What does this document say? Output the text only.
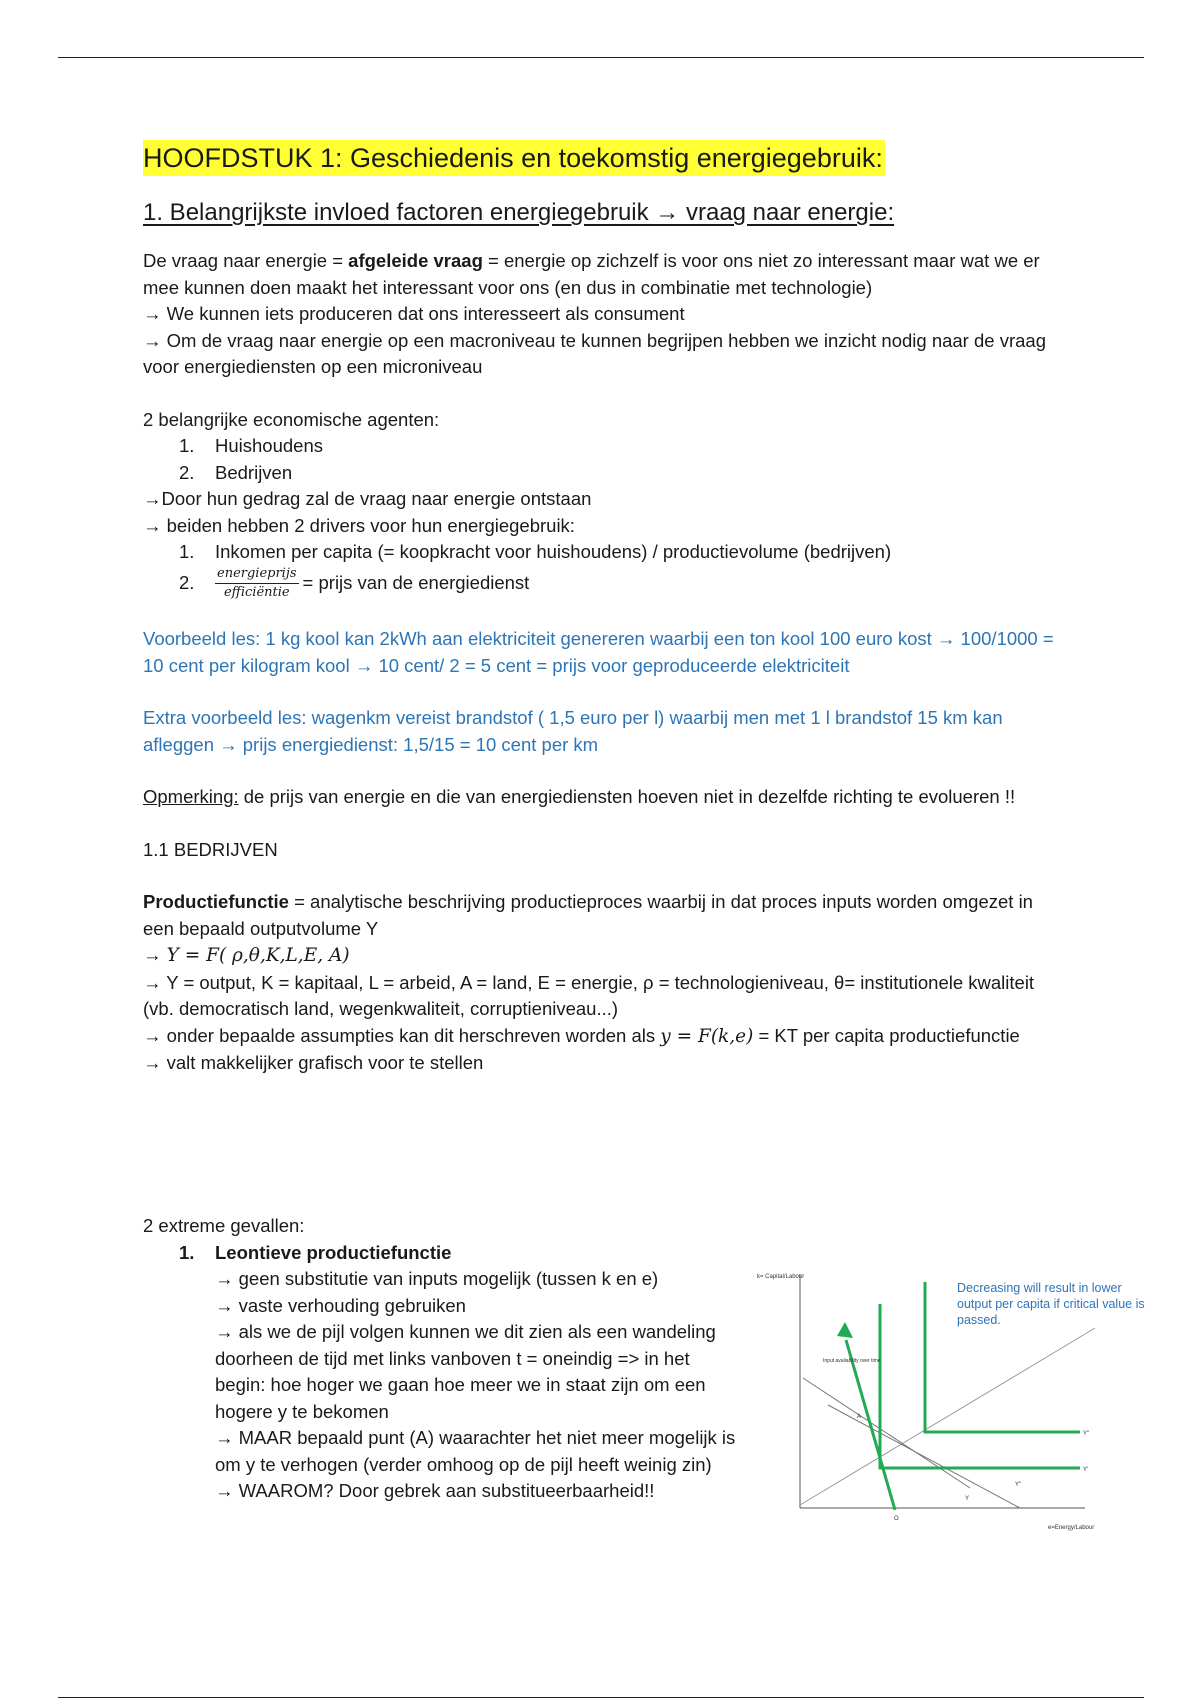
HOOFDSTUK 1: Geschiedenis en toekomstig energiegebruik:
1. Belangrijkste invloed factoren energiegebruik → vraag naar energie:

De vraag naar energie = afgeleide vraag = energie op zichzelf is voor ons niet zo interessant maar wat we er mee kunnen doen maakt het interessant voor ons (en dus in combinatie met technologie)

→ We kunnen iets produceren dat ons interesseert als consument

→ Om de vraag naar energie op een macroniveau te kunnen begrijpen hebben we inzicht nodig naar de vraag voor energiediensten op een microniveau

2 belangrijke economische agenten:

1. Huishoudens

2. Bedrijven

→Door hun gedrag zal de vraag naar energie ontstaan

→ beiden hebben 2 drivers voor hun energiegebruik:

1. Inkomen per capita (= koopkracht voor huishoudens) / productievolume (bedrijven)

2. $\frac{\text{energieprijs}}{\text{efficiëntie}}$ = prijs van de energiedienst

Voorbeeld les: 1 kg kool kan 2kWh aan elektriciteit genereren waarbij een ton kool 100 euro kost → 100/1000 = 10 cent per kilogram kool → 10 cent/ 2 = 5 cent = prijs voor geproduceerde elektriciteit

Extra voorbeeld les: wagenkm vereist brandstof ( 1,5 euro per l) waarbij men met 1 l brandstof 15 km kan afleggen → prijs energiedienst: 1,5/15 = 10 cent per km

Opmerking: de prijs van energie en die van energiediensten hoeven niet in dezelfde richting te evolueren !!

1.1 BEDRIJVEN

Productiefunctie = analytische beschrijving productieproces waarbij in dat proces inputs worden omgezet in een bepaald outputvolume Y

→ Y = F( ρ,θ,K,L,E, A)

→ Y = output, K = kapitaal, L = arbeid, A = land, E = energie, ρ = technologieniveau, θ= institutionele kwaliteit (vb. democratisch land, wegenkwaliteit, corruptieniveau...)

→ onder bepaalde assumpties kan dit herschreven worden als y = F(k,e) = KT per capita productiefunctie

→ valt makkelijker grafisch voor te stellen

2 extreme gevallen:

1. Leontieve productiefunctie

→ geen substitutie van inputs mogelijk (tussen k en e)

→ vaste verhouding gebruiken

→ als we de pijl volgen kunnen we dit zien als een wandeling doorheen de tijd met links vanboven t = oneindig => in het begin: hoe hoger we gaan hoe meer we in staat zijn om een hogere y te bekomen

→ MAAR bepaald punt (A) waarachter het niet meer mogelijk is om y te verhogen (verder omhoog op de pijl heeft weinig zin)

→ WAAROM? Door gebrek aan substitueerbaarheid!!

k= Capital/Labour
e=Energy/Labour
Input availability over time
A
O
Y''
Y'
Y''
Y
Decreasing will result in lower output per capita if critical value is passed.
